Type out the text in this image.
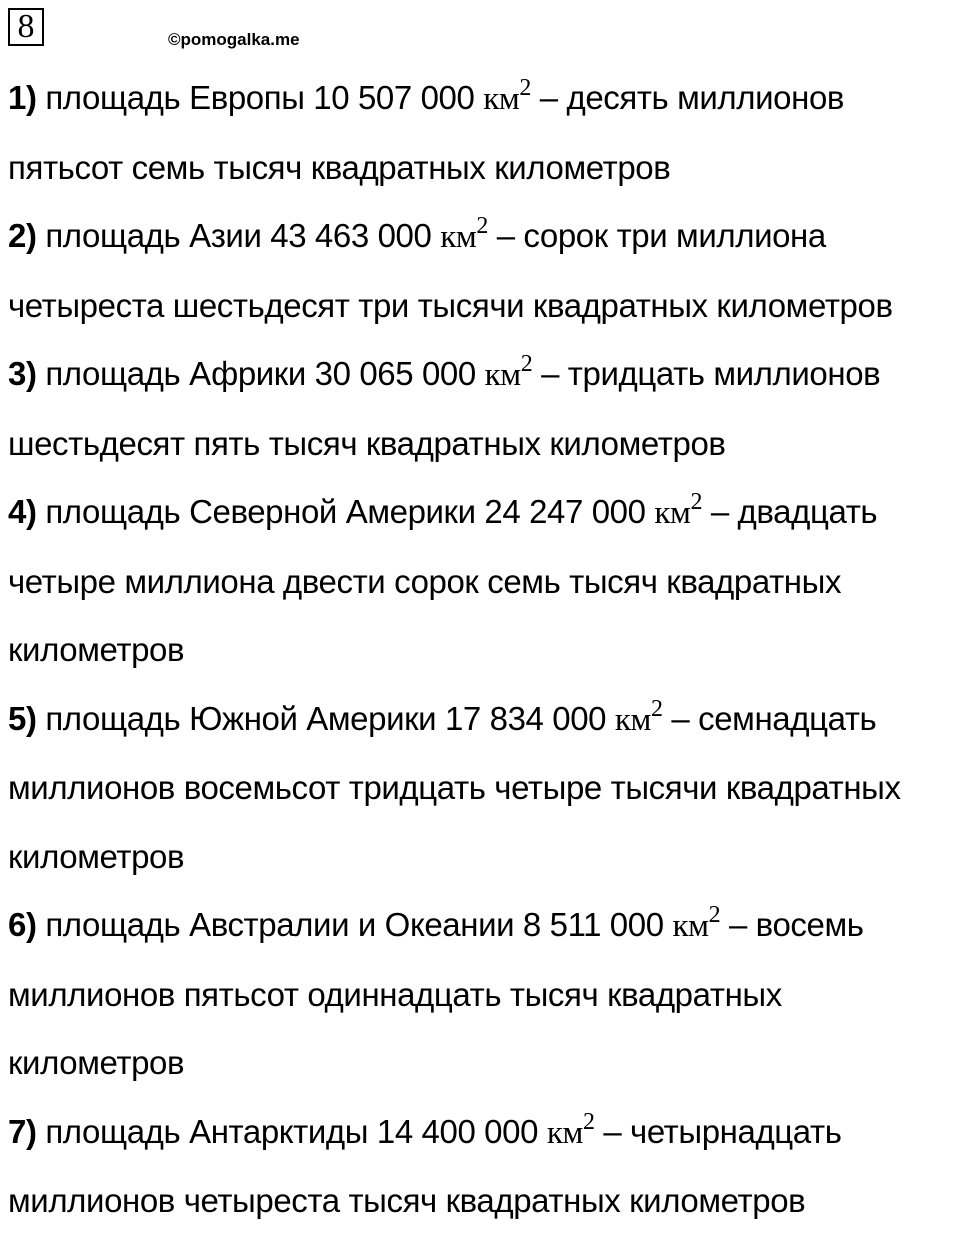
8	©pomogalka.me
1) площадь Европы 10 507 000 $км^2$ – десять миллионов пятьсот семь тысяч квадратных километров
2) площадь Азии 43 463 000 $км^2$ – сорок три миллиона четыреста шестьдесят три тысячи квадратных километров
3) площадь Африки 30 065 000 $км^2$ – тридцать миллионов шестьдесят пять тысяч квадратных километров
4) площадь Северной Америки 24 247 000 $км^2$ – двадцать четыре миллиона двести сорок семь тысяч квадратных километров
5) площадь Южной Америки 17 834 000 $км^2$ – семнадцать миллионов восемьсот тридцать четыре тысячи квадратных километров
6) площадь Австралии и Океании 8 511 000 $км^2$ – восемь миллионов пятьсот одиннадцать тысяч квадратных километров
7) площадь Антарктиды 14 400 000 $км^2$ – четырнадцать миллионов четыреста тысяч квадратных километров
